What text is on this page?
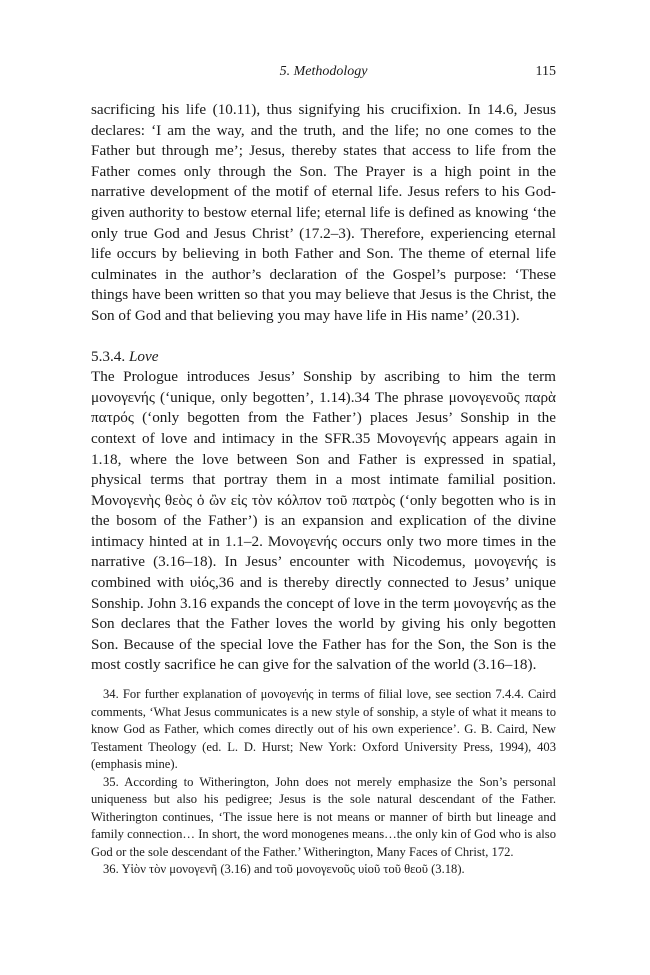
5. Methodology	115

sacrificing his life (10.11), thus signifying his crucifixion. In 14.6, Jesus declares: ‘I am the way, and the truth, and the life; no one comes to the Father but through me’; Jesus, thereby states that access to life from the Father comes only through the Son. The Prayer is a high point in the narrative development of the motif of eternal life. Jesus refers to his God-given authority to bestow eternal life; eternal life is defined as knowing ‘the only true God and Jesus Christ’ (17.2–3). Therefore, experiencing eternal life occurs by believing in both Father and Son. The theme of eternal life culminates in the author’s declaration of the Gospel’s purpose: ‘These things have been written so that you may believe that Jesus is the Christ, the Son of God and that believing you may have life in His name’ (20.31).

5.3.4. Love

The Prologue introduces Jesus’ Sonship by ascribing to him the term μονογενής (‘unique, only begotten’, 1.14).34 The phrase μονογενοῦς παρὰ πατρός (‘only begotten from the Father’) places Jesus’ Sonship in the context of love and intimacy in the SFR.35 Μονογενής appears again in 1.18, where the love between Son and Father is expressed in spatial, physical terms that portray them in a most intimate familial position. Μονογενὴς θεὸς ὁ ὢν εἰς τὸν κόλπον τοῦ πατρὸς (‘only begotten who is in the bosom of the Father’) is an expansion and explication of the divine intimacy hinted at in 1.1–2. Μονογενής occurs only two more times in the narrative (3.16–18). In Jesus’ encounter with Nicodemus, μονογενής is combined with υἱός,36 and is thereby directly connected to Jesus’ unique Sonship. John 3.16 expands the concept of love in the term μονογενής as the Son declares that the Father loves the world by giving his only begotten Son. Because of the special love the Father has for the Son, the Son is the most costly sacrifice he can give for the salvation of the world (3.16–18).

34. For further explanation of μονογενής in terms of filial love, see section 7.4.4. Caird comments, ‘What Jesus communicates is a new style of sonship, a style of what it means to know God as Father, which comes directly out of his own experience’. G. B. Caird, New Testament Theology (ed. L. D. Hurst; New York: Oxford University Press, 1994), 403 (emphasis mine).

35. According to Witherington, John does not merely emphasize the Son’s personal uniqueness but also his pedigree; Jesus is the sole natural descendant of the Father. Witherington continues, ‘The issue here is not means or manner of birth but lineage and family connection… In short, the word monogenes means…the only kin of God who is also God or the sole descendant of the Father.’ Witherington, Many Faces of Christ, 172.

36. Υἱὸν τὸν μονογενῆ (3.16) and τοῦ μονογενοῦς υἱοῦ τοῦ θεοῦ (3.18).
